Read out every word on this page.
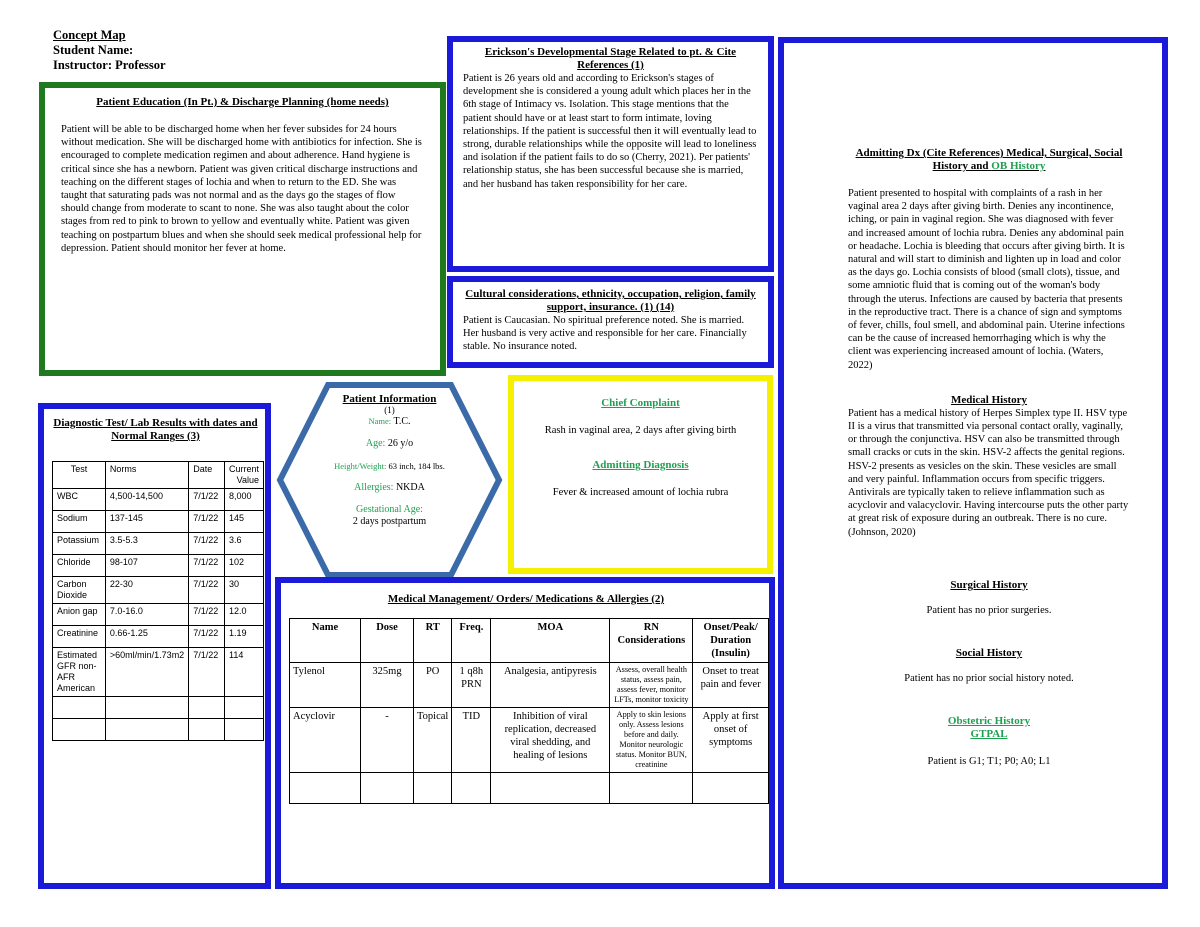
Concept Map
Student Name:
Instructor: Professor
Patient Education (In Pt.) & Discharge Planning (home needs)
Patient will be able to be discharged home when her fever subsides for 24 hours without medication. She will be discharged home with antibiotics for infection. She is encouraged to complete medication regimen and about adherence. Hand hygiene is critical since she has a newborn. Patient was given critical discharge instructions and teaching on the different stages of lochia and when to return to the ED. She was taught that saturating pads was not normal and as the days go the stages of flow should change from moderate to scant to none. She was also taught about the color stages from red to pink to brown to yellow and eventually white. Patient was given teaching on postpartum blues and when she should seek medical professional help for depression. Patient should monitor her fever at home.
Erickson's Developmental Stage Related to pt. & Cite References (1)
Patient is 26 years old and according to Erickson's stages of development she is considered a young adult which places her in the 6th stage of Intimacy vs. Isolation. This stage mentions that the patient should have or at least start to form intimate, loving relationships. If the patient is successful then it will eventually lead to strong, durable relationships while the opposite will lead to loneliness and isolation if the patient fails to do so (Cherry, 2021). Per patients' relationship status, she has been successful because she is married, and her husband has taken responsibility for her care.
Cultural considerations, ethnicity, occupation, religion, family support, insurance. (1) (14)
Patient is Caucasian. No spiritual preference noted. She is married. Her husband is very active and responsible for her care. Financially stable. No insurance noted.
Admitting Dx (Cite References) Medical, Surgical, Social History and OB History
Patient presented to hospital with complaints of a rash in her vaginal area 2 days after giving birth. Denies any incontinence, iching, or pain in vaginal region. She was diagnosed with fever and increased amount of lochia rubra. Denies any abdominal pain or headache. Lochia is bleeding that occurs after giving birth. It is natural and will start to diminish and lighten up in load and color as the days go. Lochia consists of blood (small clots), tissue, and some amniotic fluid that is coming out of the woman's body through the uterus. Infections are caused by bacteria that presents in the reproductive tract. There is a chance of sign and symptoms of fever, chills, foul smell, and abdominal pain. Uterine infections can be the cause of increased hemorrhaging which is why the client was experiencing increased amount of lochia. (Waters, 2022)
Medical History
Patient has a medical history of Herpes Simplex type II. HSV type II is a virus that transmitted via personal contact orally, vaginally, or through the conjunctiva. HSV can also be transmitted through small cracks or cuts in the skin. HSV-2 affects the genital regions. HSV-2 presents as vesicles on the skin. These vesicles are small and very painful. Inflammation occurs from specific triggers. Antivirals are typically taken to relieve inflammation such as acyclovir and valacyclovir. Having intercourse puts the other party at great risk of exposure during an outbreak. There is no cure. (Johnson, 2020)
Surgical History
Patient has no prior surgeries.
Social History
Patient has no prior social history noted.
Obstetric History
GTPAL
Patient is G1; T1; P0; A0; L1
Diagnostic Test/ Lab Results with dates and Normal Ranges (3)
Test	Norms	Date	Current Value
WBC	4,500-14,500	7/1/22	8,000
Sodium	137-145	7/1/22	145
Potassium	3.5-5.3	7/1/22	3.6
Chloride	98-107	7/1/22	102
Carbon Dioxide	22-30	7/1/22	30
Anion gap	7.0-16.0	7/1/22	12.0
Creatinine	0.66-1.25	7/1/22	1.19
Estimated GFR non-AFR American	>60ml/min/1.73m2	7/1/22	114

Patient Information
(1)
Name: T.C.
Age: 26 y/o
Height/Weight: 63 inch, 184 lbs.
Allergies: NKDA
Gestational Age:
2 days postpartum
Chief Complaint
Rash in vaginal area, 2 days after giving birth
Admitting Diagnosis
Fever & increased amount of lochia rubra
Medical Management/ Orders/ Medications & Allergies (2)
Name	Dose	RT	Freq.	MOA	RN Considerations	Onset/Peak/ Duration (Insulin)
Tylenol	325mg	PO	1 q8h PRN	Analgesia, antipyresis	Assess, overall health status, assess pain, assess fever, monitor LFTs, monitor toxicity	Onset to treat pain and fever
Acyclovir	-	Topical	TID	Inhibition of viral replication, decreased viral shedding, and healing of lesions	Apply to skin lesions only. Assess lesions before and daily. Monitor neurologic status. Monitor BUN, creatinine	Apply at first onset of symptoms
